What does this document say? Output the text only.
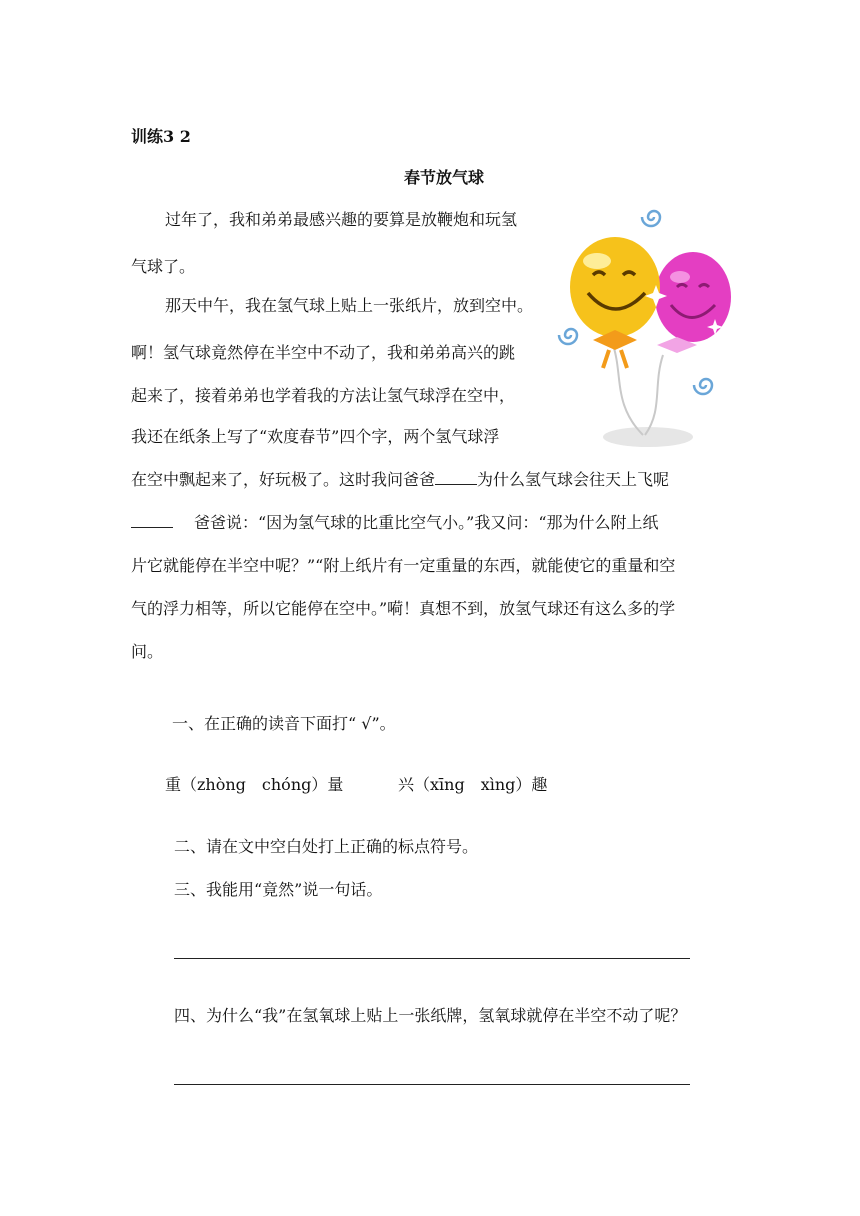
训练3 2
春节放气球
过年了，我和弟弟最感兴趣的要算是放鞭炮和玩氢
气球了。
那天中午，我在氢气球上贴上一张纸片，放到空中。
啊！氢气球竟然停在半空中不动了，我和弟弟高兴的跳
起来了，接着弟弟也学着我的方法让氢气球浮在空中，
我还在纸条上写了“欢度春节”四个字，两个氢气球浮
在空中飘起来了，好玩极了。这时我问爸爸	为什么氢气球会往天上飞呢
爸爸说：“因为氢气球的比重比空气小。”我又问：“那为什么附上纸
片它就能停在半空中呢？”“附上纸片有一定重量的东西，就能使它的重量和空
气的浮力相等，所以它能停在空中。”嗬！真想不到，放氢气球还有这么多的学
问。
一、在正确的读音下面打“ √”。
重（zhòng　chóng）量	兴（xīng　xìng）趣
二、请在文中空白处打上正确的标点符号。
三、我能用“竟然”说一句话。
四、为什么“我”在氢氧球上贴上一张纸牌，氢氧球就停在半空不动了呢？
